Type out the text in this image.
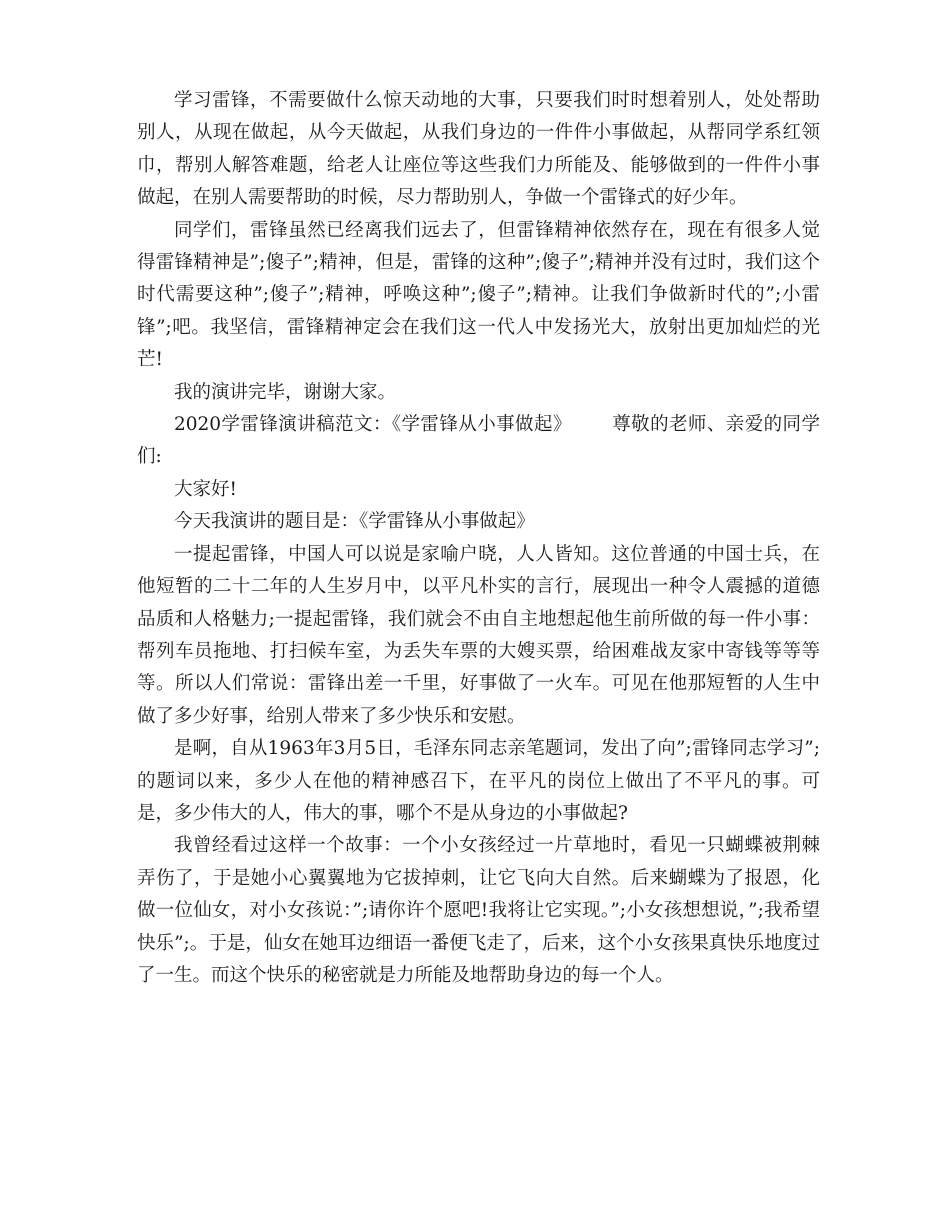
学习雷锋，不需要做什么惊天动地的大事，只要我们时时想着别人，处处帮助别人，从现在做起，从今天做起，从我们身边的一件件小事做起，从帮同学系红领巾，帮别人解答难题，给老人让座位等这些我们力所能及、能够做到的一件件小事做起，在别人需要帮助的时候，尽力帮助别人，争做一个雷锋式的好少年。

同学们，雷锋虽然已经离我们远去了，但雷锋精神依然存在，现在有很多人觉得雷锋精神是”;傻子”;精神，但是，雷锋的这种”;傻子”;精神并没有过时，我们这个时代需要这种”;傻子”;精神，呼唤这种”;傻子”;精神。让我们争做新时代的”;小雷锋”;吧。我坚信，雷锋精神定会在我们这一代人中发扬光大，放射出更加灿烂的光芒!

我的演讲完毕，谢谢大家。

2020学雷锋演讲稿范文：《学雷锋从小事做起》 尊敬的老师、亲爱的同学们:

大家好!

今天我演讲的题目是：《学雷锋从小事做起》

一提起雷锋，中国人可以说是家喻户晓，人人皆知。这位普通的中国士兵，在他短暂的二十二年的人生岁月中，以平凡朴实的言行，展现出一种令人震撼的道德品质和人格魅力;一提起雷锋，我们就会不由自主地想起他生前所做的每一件小事：帮列车员拖地、打扫候车室，为丢失车票的大嫂买票，给困难战友家中寄钱等等等等。所以人们常说：雷锋出差一千里，好事做了一火车。可见在他那短暂的人生中做了多少好事，给别人带来了多少快乐和安慰。

是啊，自从1963年3月5日，毛泽东同志亲笔题词，发出了向”;雷锋同志学习”; 的题词以来，多少人在他的精神感召下，在平凡的岗位上做出了不平凡的事。可是，多少伟大的人，伟大的事，哪个不是从身边的小事做起?

我曾经看过这样一个故事：一个小女孩经过一片草地时，看见一只蝴蝶被荆棘弄伤了，于是她小心翼翼地为它拔掉刺，让它飞向大自然。后来蝴蝶为了报恩，化做一位仙女，对小女孩说：”;请你许个愿吧!我将让它实现。”;小女孩想想说，”;我希望快乐”;。于是，仙女在她耳边细语一番便飞走了，后来，这个小女孩果真快乐地度过了一生。而这个快乐的秘密就是力所能及地帮助身边的每一个人。
